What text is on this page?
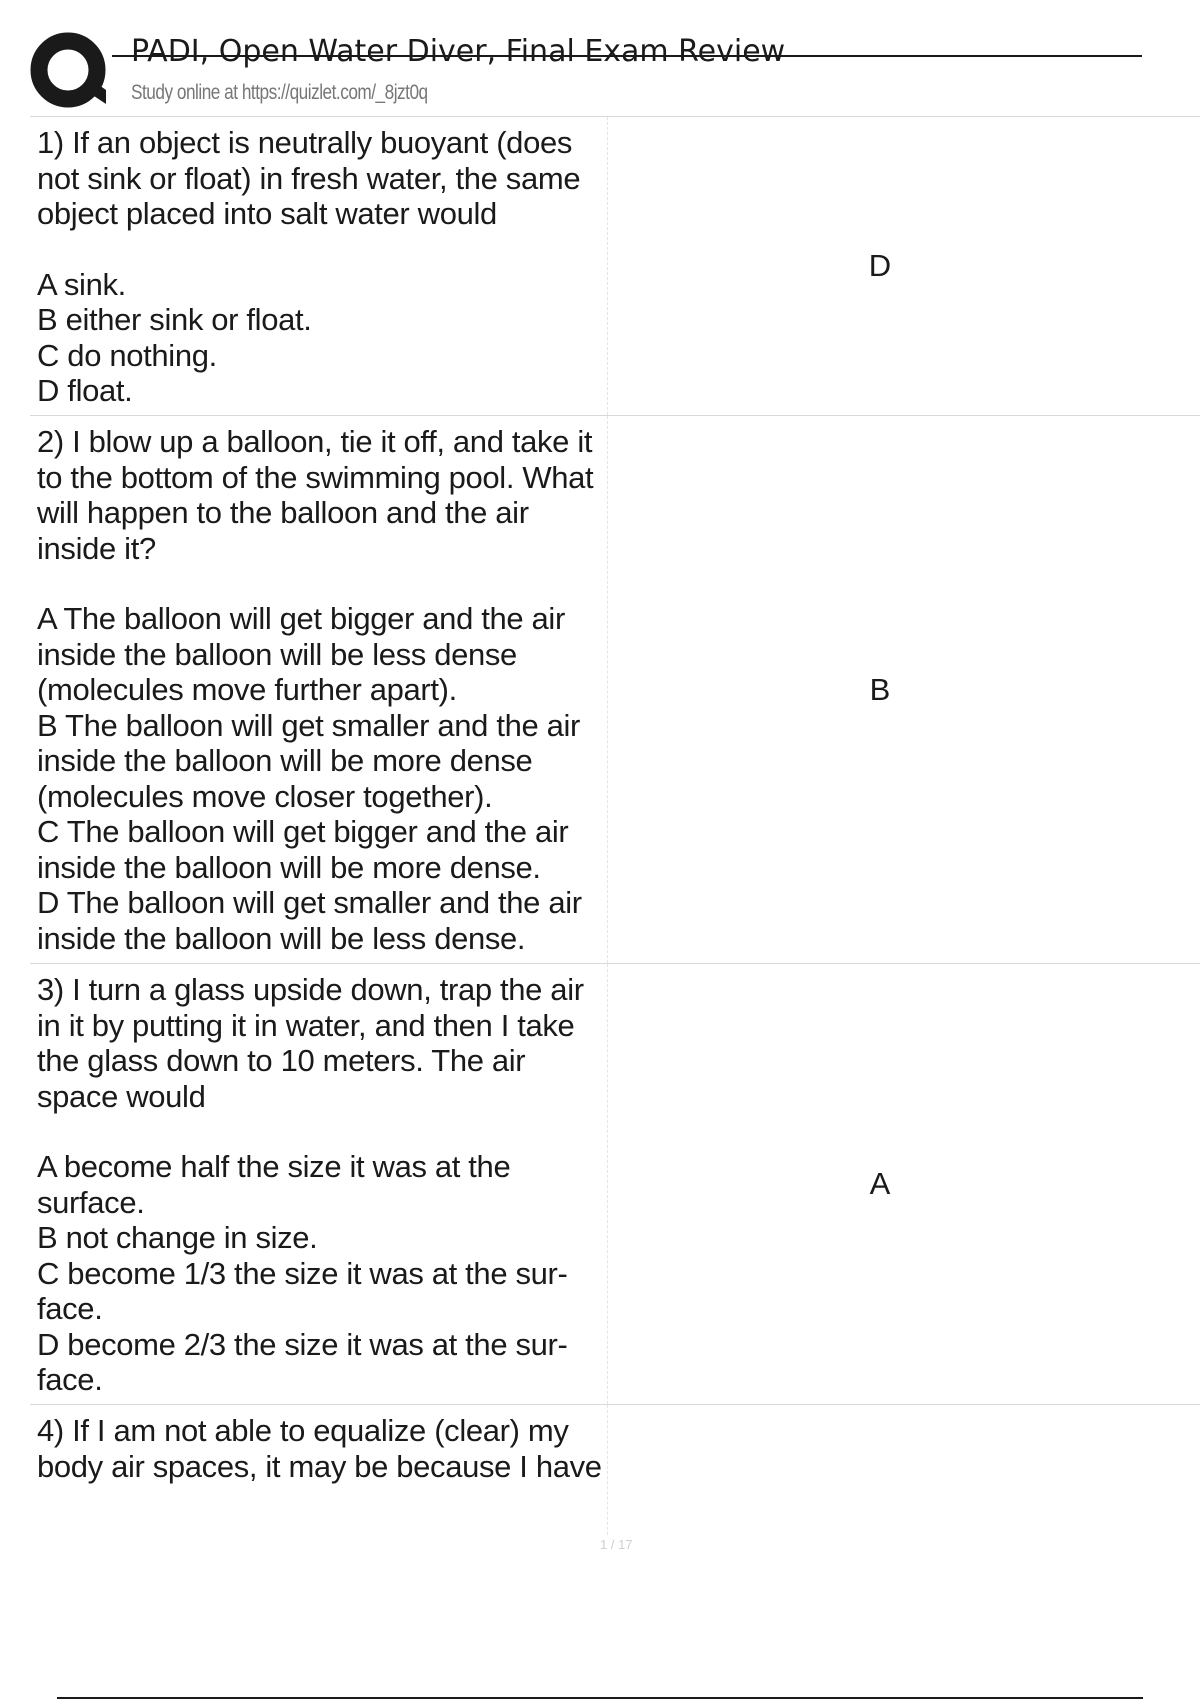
PADI, Open Water Diver, Final Exam Review
Study online at https://quizlet.com/_8jzt0q
1) If an object is neutrally buoyant (does not sink or float) in fresh water, the same object placed into salt water would
A sink.
B either sink or float.
C do nothing.
D float.
D
2) I blow up a balloon, tie it off, and take it to the bottom of the swimming pool. What will happen to the balloon and the air inside it?
A The balloon will get bigger and the air inside the balloon will be less dense (molecules move further apart).
B The balloon will get smaller and the air inside the balloon will be more dense (molecules move closer together).
C The balloon will get bigger and the air inside the balloon will be more dense.
D The balloon will get smaller and the air inside the balloon will be less dense.
B
3) I turn a glass upside down, trap the air in it by putting it in water, and then I take the glass down to 10 meters. The air space would
A become half the size it was at the surface.
B not change in size.
C become 1/3 the size it was at the sur- face.
D become 2/3 the size it was at the sur- face.
A
4) If I am not able to equalize (clear) my body air spaces, it may be because I have
1 / 17
